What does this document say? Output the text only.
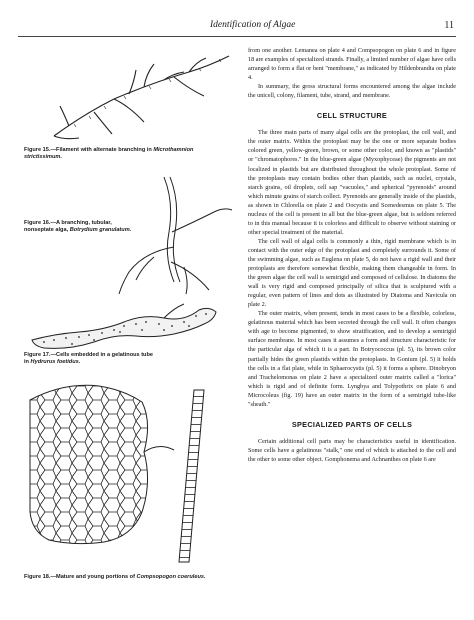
Identification of Algae	11
Figure 15.—Filament with alternate branching in Microthamnion strictissimum.
Figure 16.—A branching, tubular, nonseptate alga, Botrydium granulatum.
Figure 17.—Cells embedded in a gelatinous tube in Hydrurus foetidus.
Figure 18.—Mature and young portions of Compsopogon coeruleus.

from one another. Lemanea on plate 4 and Compsopogon on plate 6 and in figure 18 are examples of specialized strands. Finally, a limited number of algae have cells arranged to form a flat or bent "membrane," as indicated by Hildenbrandia on plate 4.

In summary, the gross structural forms encountered among the algae include the unicell, colony, filament, tube, strand, and membrane.

CELL STRUCTURE

The three main parts of many algal cells are the protoplast, the cell wall, and the outer matrix. Within the protoplast may be the one or more separate bodies colored green, yellow-green, brown, or some other color, and known as "plastids" or "chromatophores." In the blue-green algae (Myxophyceae) the pigments are not localized in plastids but are distributed throughout the whole protoplast. Some of the protoplasts may contain bodies other than plastids, such as nuclei, crystals, starch grains, oil droplets, cell sap "vacuoles," and spherical "pyrenoids" around which minute grains of starch collect. Pyrenoids are generally inside of the plastids, as shown in Chlorella on plate 2 and Oocystis and Scenedesmus on plate 5. The nucleus of the cell is present in all but the blue-green algae, but is seldom referred to in this manual because it is colorless and difficult to observe without staining or other special treatment of the material.

The cell wall of algal cells is commonly a thin, rigid membrane which is in contact with the outer edge of the protoplast and completely surrounds it. Some of the swimming algae, such as Euglena on plate 5, do not have a rigid wall and their protoplasts are therefore somewhat flexible, making them changeable in form. In the green algae the cell wall is semirigid and composed of cellulose. In diatoms the wall is very rigid and composed principally of silica that is sculptured with a regular, even pattern of lines and dots as illustrated by Diatoma and Navicula on plate 2.

The outer matrix, when present, tends in most cases to be a flexible, colorless, gelatinous material which has been secreted through the cell wall. It often changes with age to become pigmented, to show stratification, and to develop a semirigid surface membrane. In most cases it assumes a form and structure characteristic for the particular alga of which it is a part. In Botryococcus (pl. 5), its brown color partially hides the green plastids within the protoplasts. In Gonium (pl. 5) it holds the cells in a flat plate, while in Sphaerocystis (pl. 5) it forms a sphere. Dinobryon and Trachelomonas on plate 2 have a specialized outer matrix called a "lorica" which is rigid and of definite form. Lyngbya and Tolypothrix on plate 6 and Microcoleus (fig. 19) have an outer matrix in the form of a semirigid tube-like "sheath."

SPECIALIZED PARTS OF CELLS

Certain additional cell parts may be characteristics useful in identification. Some cells have a gelatinous "stalk," one end of which is attached to the cell and the other to some other object. Gomphonema and Achnanthes on plate 6 are
